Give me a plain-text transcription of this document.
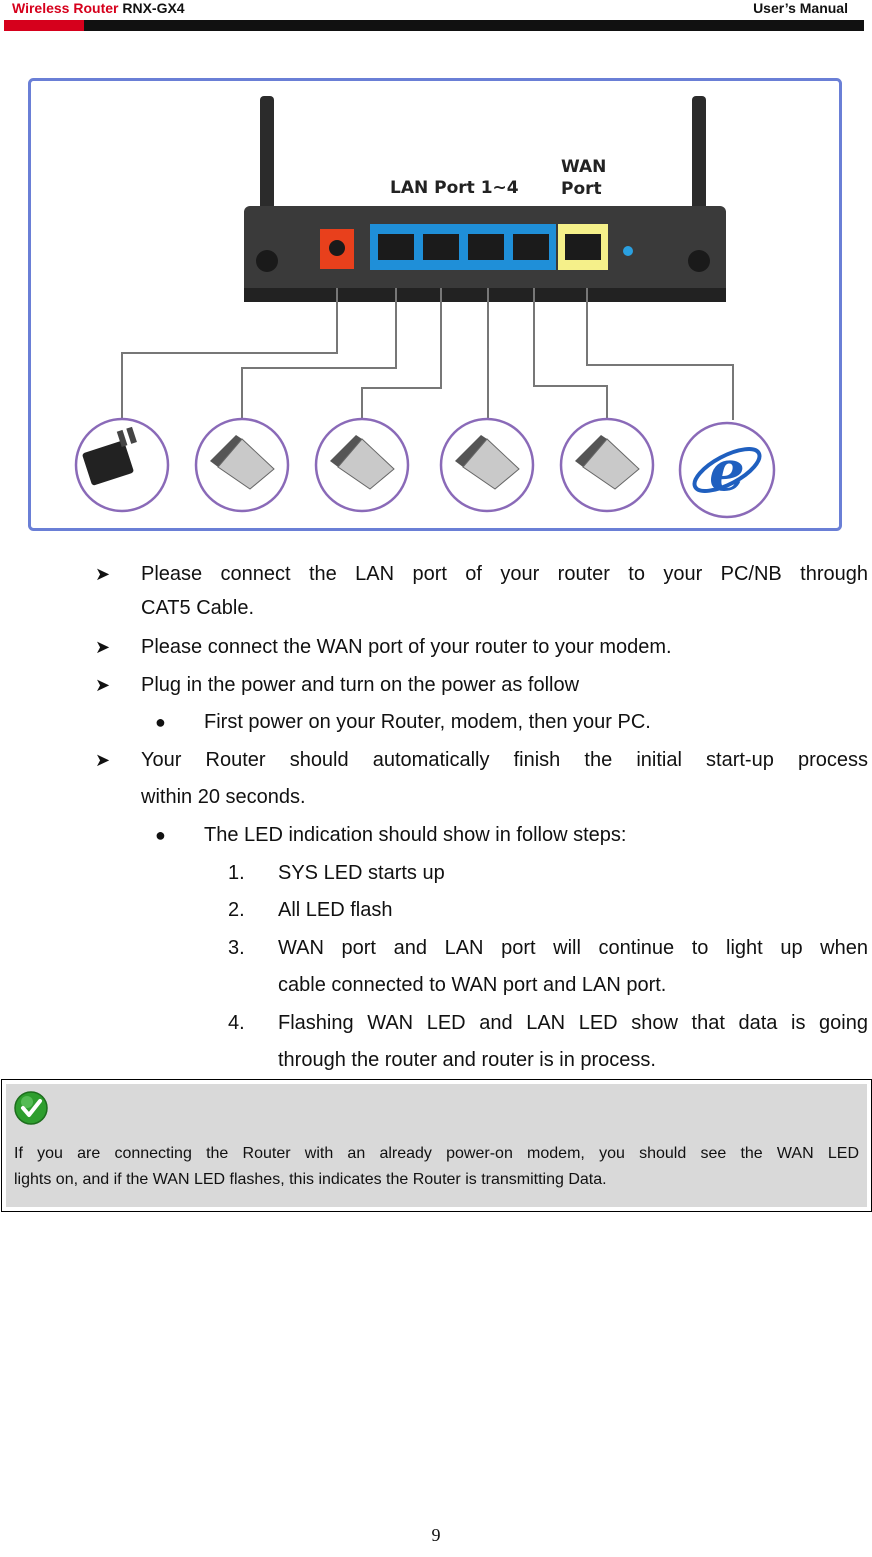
Wireless Router RNX-GX4	User’s Manual
LAN Port 1~4
WAN
Port
e
➤ Please connect the LAN port of your router to your PC/NB through
CAT5 Cable.
➤ Please connect the WAN port of your router to your modem.
➤ Plug in the power and turn on the power as follow
● First power on your Router, modem, then your PC.
➤ Your Router should automatically finish the initial start-up process
within 20 seconds.
● The LED indication should show in follow steps:
1. SYS LED starts up
2. All LED flash
3. WAN port and LAN port will continue to light up when
cable connected to WAN port and LAN port.
4. Flashing WAN LED and LAN LED show that data is going
through the router and router is in process.
If you are connecting the Router with an already power-on modem, you should see the WAN LED
lights on, and if the WAN LED flashes, this indicates the Router is transmitting Data.
9
